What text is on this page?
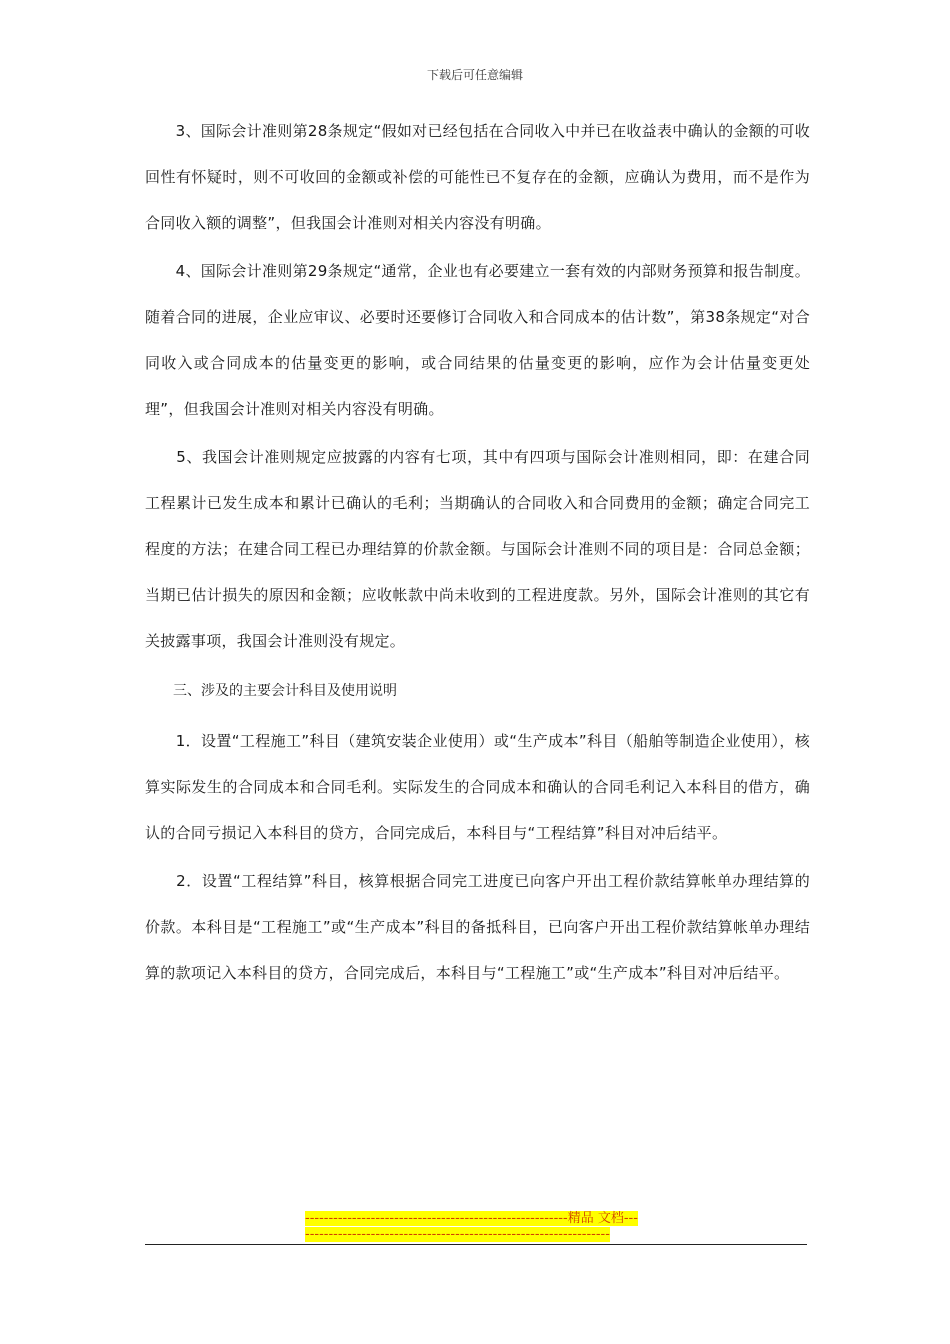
下载后可任意编辑

　　3、国际会计准则第28条规定“假如对已经包括在合同收入中并已在收益表中确认的金额的可收回性有怀疑时，则不可收回的金额或补偿的可能性已不复存在的金额，应确认为费用，而不是作为合同收入额的调整”，但我国会计准则对相关内容没有明确。

　　4、国际会计准则第29条规定“通常，企业也有必要建立一套有效的内部财务预算和报告制度。随着合同的进展，企业应审议、必要时还要修订合同收入和合同成本的估计数”，第38条规定“对合同收入或合同成本的估量变更的影响，或合同结果的估量变更的影响，应作为会计估量变更处理”，但我国会计准则对相关内容没有明确。

　　5、我国会计准则规定应披露的内容有七项，其中有四项与国际会计准则相同，即：在建合同工程累计已发生成本和累计已确认的毛利；当期确认的合同收入和合同费用的金额；确定合同完工程度的方法；在建合同工程已办理结算的价款金额。与国际会计准则不同的项目是：合同总金额；当期已估计损失的原因和金额；应收帐款中尚未收到的工程进度款。另外，国际会计准则的其它有关披露事项，我国会计准则没有规定。

　　三、涉及的主要会计科目及使用说明

　　1．设置“工程施工”科目（建筑安装企业使用）或“生产成本”科目（船舶等制造企业使用），核算实际发生的合同成本和合同毛利。实际发生的合同成本和确认的合同毛利记入本科目的借方，确认的合同亏损记入本科目的贷方，合同完成后，本科目与“工程结算”科目对冲后结平。

　　2．设置“工程结算”科目，核算根据合同完工进度已向客户开出工程价款结算帐单办理结算的价款。本科目是“工程施工”或“生产成本”科目的备抵科目，已向客户开出工程价款结算帐单办理结算的款项记入本科目的贷方，合同完成后，本科目与“工程施工”或“生产成本”科目对冲后结平。

--------------------------------------------------------精品 文档--------------------------------------------------------------------
